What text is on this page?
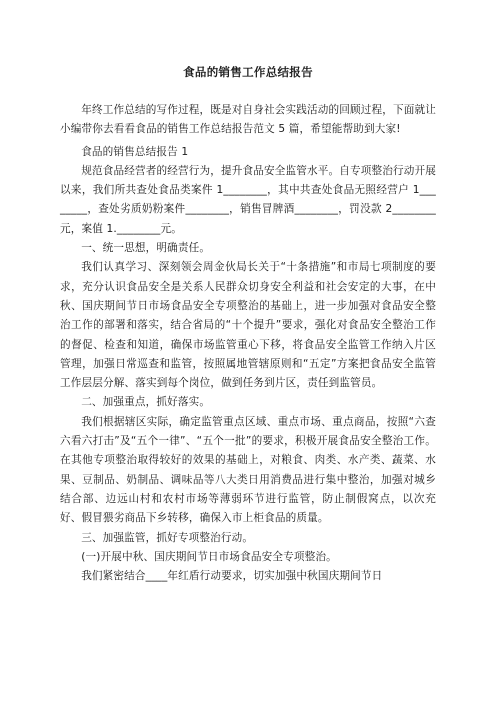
食品的销售工作总结报告

年终工作总结的写作过程，既是对自身社会实践活动的回顾过程，下面就让小编带你去看看食品的销售工作总结报告范文 5 篇，希望能帮助到大家!

食品的销售总结报告 1

规范食品经营者的经营行为，提升食品安全监管水平。自专项整治行动开展以来，我们所共查处食品类案件 1________，其中共查处食品无照经营户 1________，查处劣质奶粉案件________，销售冒牌酒________，罚没款 2________元，案值 1.________元。

一、统一思想，明确责任。

我们认真学习、深刻领会周金伙局长关于“十条措施”和市局七项制度的要求，充分认识食品安全是关系人民群众切身安全利益和社会安定的大事，在中秋、国庆期间节日市场食品安全专项整治的基础上，进一步加强对食品安全整治工作的部署和落实，结合省局的“十个提升”要求，强化对食品安全整治工作的督促、检查和知道，确保市场监管重心下移，将食品安全监管工作纳入片区管理，加强日常巡查和监管，按照属地管辖原则和“五定”方案把食品安全监管工作层层分解、落实到每个岗位，做到任务到片区，责任到监管员。

二、加强重点，抓好落实。

我们根据辖区实际，确定监管重点区域、重点市场、重点商品，按照“六查六看六打击”及“五个一律”、“五个一批”的要求，积极开展食品安全整治工作。在其他专项整治取得较好的效果的基础上，对粮食、肉类、水产类、蔬菜、水果、豆制品、奶制品、调味品等八大类日用消费品进行集中整治，加强对城乡结合部、边远山村和农村市场等薄弱环节进行监管，防止制假窝点，以次充好、假冒猥劣商品下乡转移，确保入市上柜食品的质量。

三、加强监管，抓好专项整治行动。

(一)开展中秋、国庆期间节日市场食品安全专项整治。

我们紧密结合____年红盾行动要求，切实加强中秋国庆期间节日
